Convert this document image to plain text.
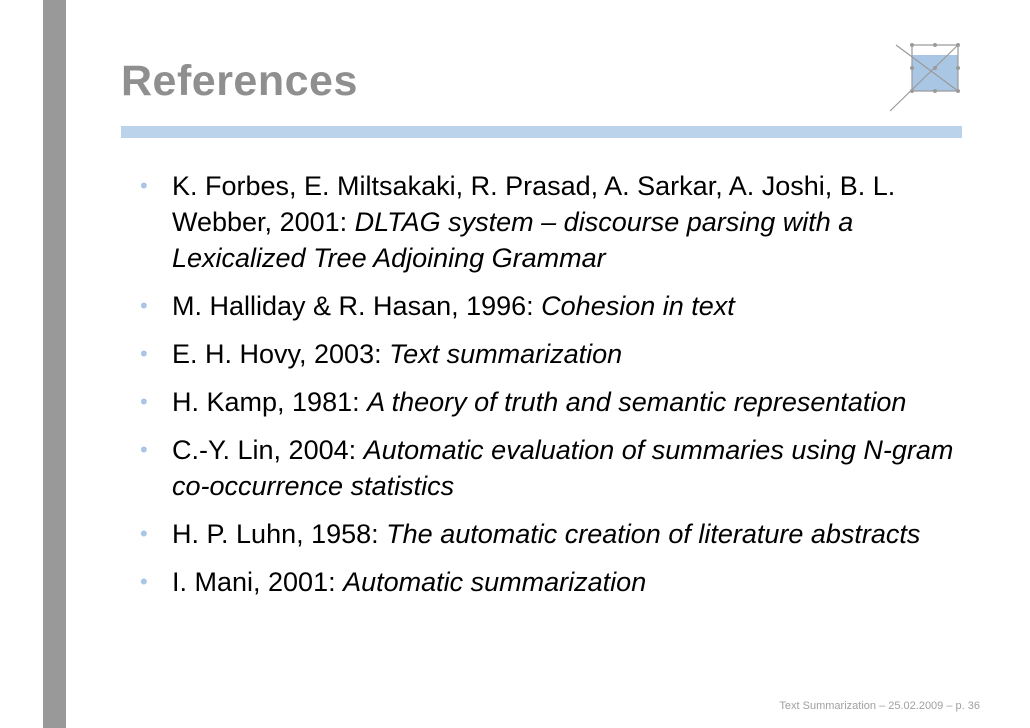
References
• K. Forbes, E. Miltsakaki, R. Prasad, A. Sarkar, A. Joshi, B. L. Webber, 2001: DLTAG system – discourse parsing with a Lexicalized Tree Adjoining Grammar
• M. Halliday & R. Hasan, 1996: Cohesion in text
• E. H. Hovy, 2003: Text summarization
• H. Kamp, 1981: A theory of truth and semantic representation
• C.-Y. Lin, 2004: Automatic evaluation of summaries using N-gram co-occurrence statistics
• H. P. Luhn, 1958: The automatic creation of literature abstracts
• I. Mani, 2001: Automatic summarization
Text Summarization – 25.02.2009 – p. 36
